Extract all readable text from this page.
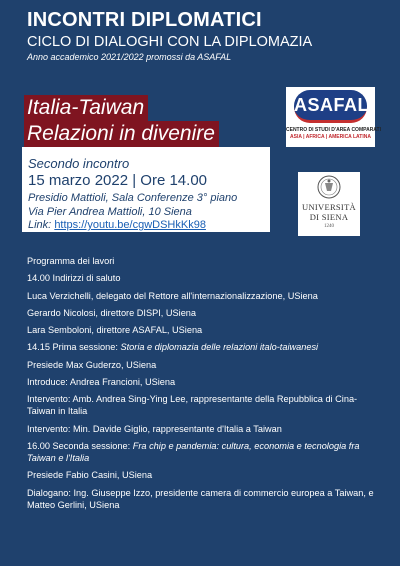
INCONTRI DIPLOMATICI
CICLO DI DIALOGHI CON LA DIPLOMAZIA
Anno accademico 2021/2022 promossi da ASAFAL
Italia-Taiwan
Relazioni in divenire
Secondo incontro
15 marzo 2022 | Ore 14.00
Presidio Mattioli, Sala Conferenze 3° piano
Via Pier Andrea Mattioli, 10 Siena
Link: https://youtu.be/cgwDSHkKk98
ASAFAL
CENTRO DI STUDI D'AREA COMPARATI
ASIA | AFRICA | AMERICA LATINA
UNIVERSITÀ
DI SIENA
1240

Programma dei lavori

14.00 Indirizzi di saluto

Luca Verzichelli, delegato del Rettore all'internazionalizzazione, USiena

Gerardo Nicolosi, direttore DISPI, USiena

Lara Semboloni, direttore ASAFAL, USiena

14.15 Prima sessione: Storia e diplomazia delle relazioni italo-taiwanesi

Presiede Max Guderzo, USiena

Introduce: Andrea Francioni, USiena

Intervento: Amb. Andrea Sing-Ying Lee, rappresentante della Repubblica di Cina-Taiwan in Italia

Intervento: Min. Davide Giglio, rappresentante d'Italia a Taiwan

16.00 Seconda sessione: Fra chip e pandemia: cultura, economia e tecnologia fra Taiwan e l'Italia

Presiede Fabio Casini, USiena

Dialogano: Ing. Giuseppe Izzo, presidente camera di commercio europea a Taiwan, e Matteo Gerlini, USiena
